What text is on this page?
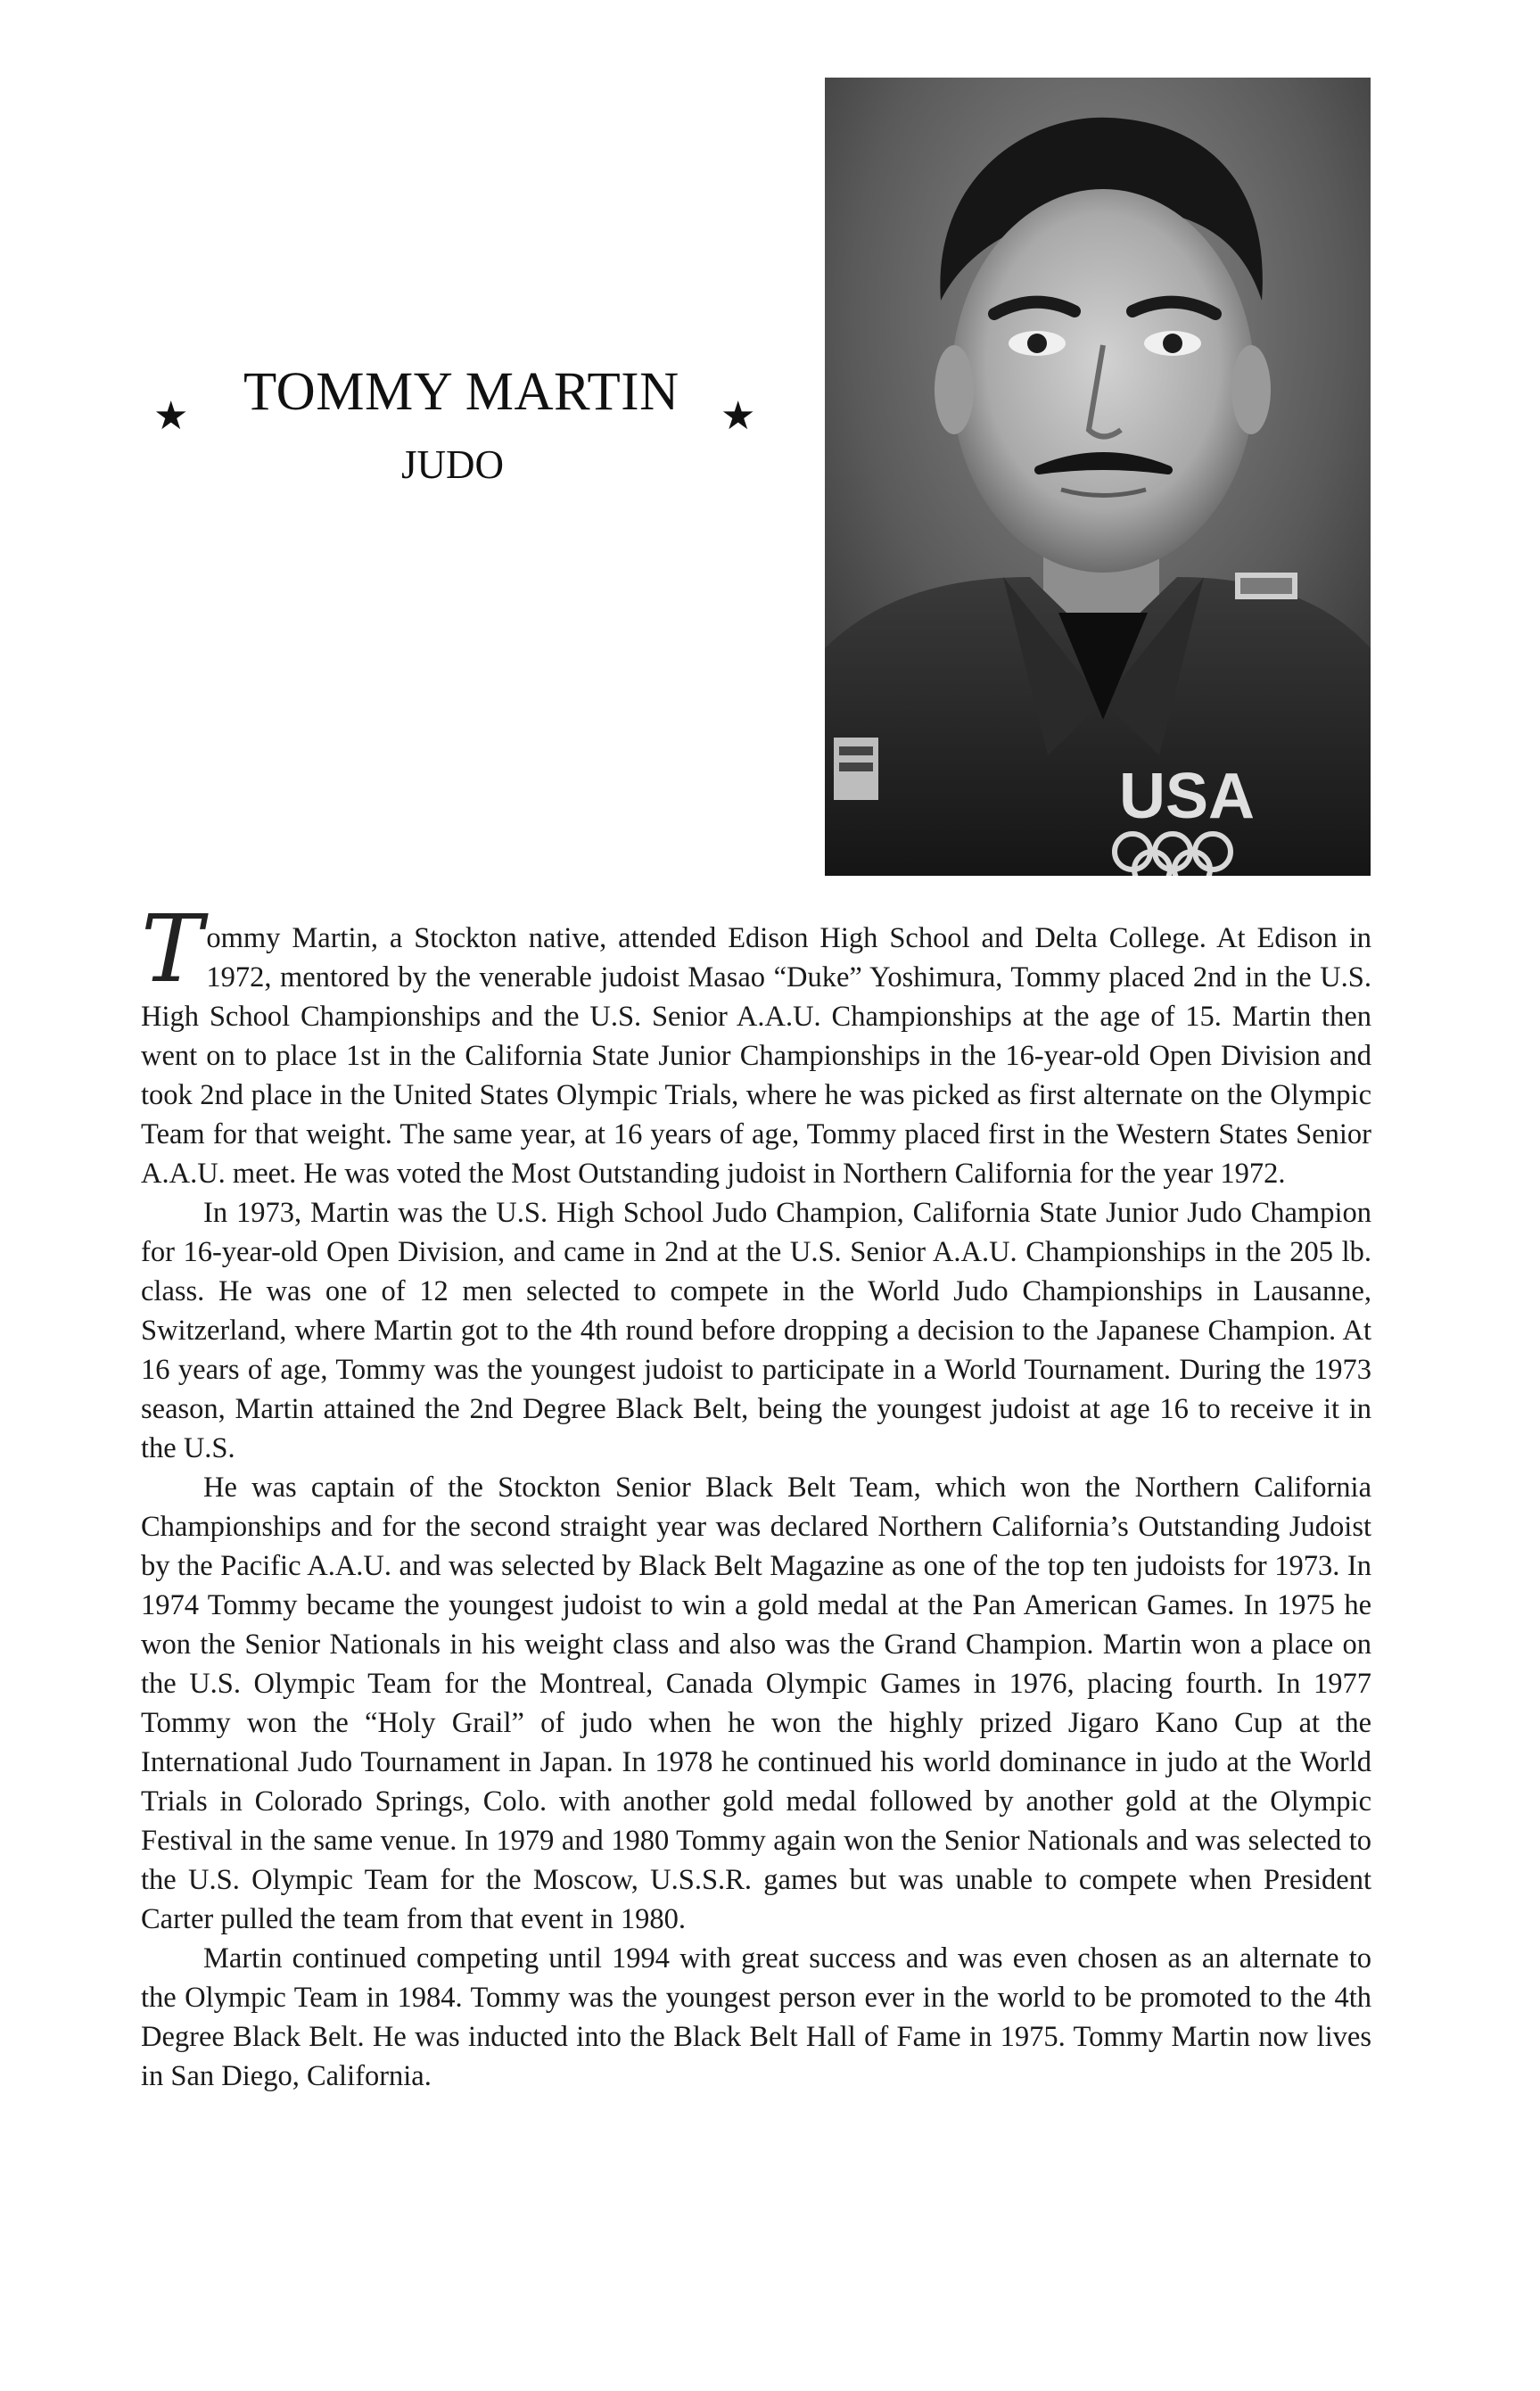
★ TOMMY MARTIN	★
JUDO
USA

Tommy Martin, a Stockton native, attended Edison High School and Delta College. At Edison in 1972, mentored by the venerable judoist Masao “Duke” Yoshimura, Tommy placed 2nd in the U.S. High School Championships and the U.S. Senior A.A.U. Championships at the age of 15. Martin then went on to place 1st in the California State Junior Championships in the 16-year-old Open Division and took 2nd place in the United States Olympic Trials, where he was picked as first alternate on the Olympic Team for that weight. The same year, at 16 years of age, Tommy placed first in the Western States Senior A.A.U. meet. He was voted the Most Outstanding judoist in Northern California for the year 1972.

In 1973, Martin was the U.S. High School Judo Champion, California State Junior Judo Champion for 16-year-old Open Division, and came in 2nd at the U.S. Senior A.A.U. Championships in the 205 lb. class. He was one of 12 men selected to compete in the World Judo Championships in Lausanne, Switzerland, where Martin got to the 4th round before dropping a decision to the Japanese Champion. At 16 years of age, Tommy was the youngest judoist to participate in a World Tournament. During the 1973 season, Martin attained the 2nd Degree Black Belt, being the youngest judoist at age 16 to receive it in the U.S.

He was captain of the Stockton Senior Black Belt Team, which won the Northern California Championships and for the second straight year was declared Northern California’s Outstanding Judoist by the Pacific A.A.U. and was selected by Black Belt Magazine as one of the top ten judoists for 1973. In 1974 Tommy became the youngest judoist to win a gold medal at the Pan American Games. In 1975 he won the Senior Nationals in his weight class and also was the Grand Champion. Martin won a place on the U.S. Olympic Team for the Montreal, Canada Olympic Games in 1976, placing fourth. In 1977 Tommy won the “Holy Grail” of judo when he won the highly prized Jigaro Kano Cup at the International Judo Tournament in Japan. In 1978 he continued his world dominance in judo at the World Trials in Colorado Springs, Colo. with another gold medal followed by another gold at the Olympic Festival in the same venue. In 1979 and 1980 Tommy again won the Senior Nationals and was selected to the U.S. Olympic Team for the Moscow, U.S.S.R. games but was unable to compete when President Carter pulled the team from that event in 1980.

Martin continued competing until 1994 with great success and was even chosen as an alternate to the Olympic Team in 1984. Tommy was the youngest person ever in the world to be promoted to the 4th Degree Black Belt. He was inducted into the Black Belt Hall of Fame in 1975. Tommy Martin now lives in San Diego, California.
